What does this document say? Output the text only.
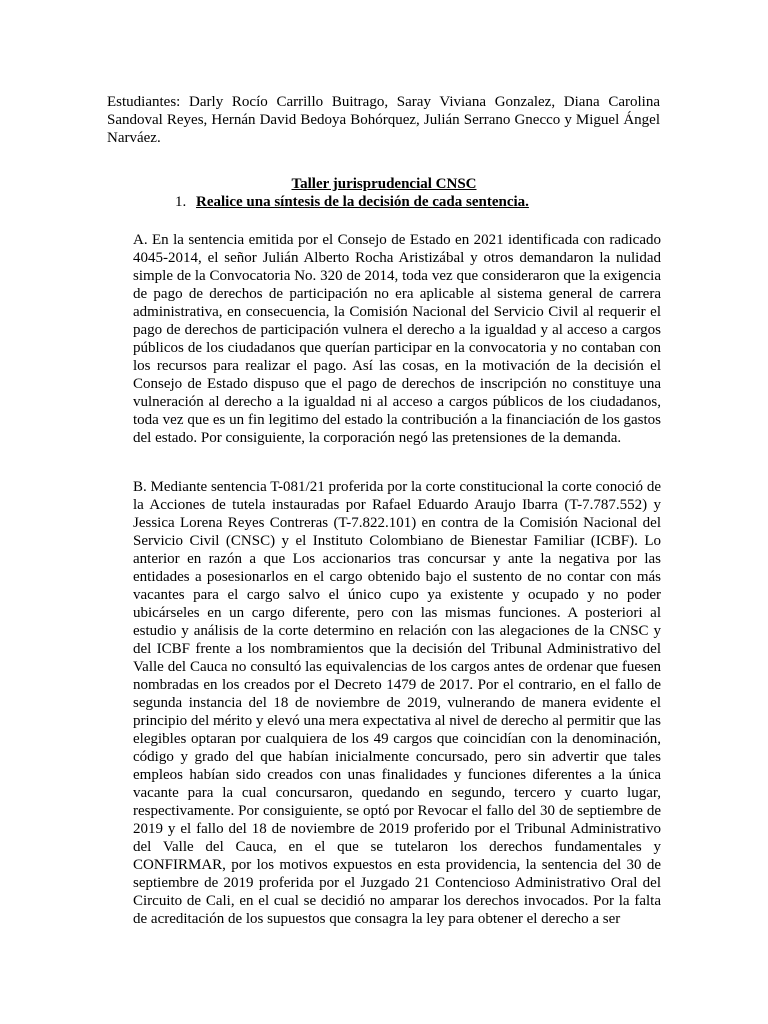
Estudiantes: Darly Rocío Carrillo Buitrago, Saray Viviana Gonzalez, Diana Carolina Sandoval Reyes, Hernán David Bedoya Bohórquez, Julián Serrano Gnecco y Miguel Ángel Narváez.

Taller jurisprudencial CNSC

1. Realice una síntesis de la decisión de cada sentencia.

A. En la sentencia emitida por el Consejo de Estado en 2021 identificada con radicado 4045-2014, el señor Julián Alberto Rocha Aristizábal y otros demandaron la nulidad simple de la Convocatoria No. 320 de 2014, toda vez que consideraron que la exigencia de pago de derechos de participación no era aplicable al sistema general de carrera administrativa, en consecuencia, la Comisión Nacional del Servicio Civil al requerir el pago de derechos de participación vulnera el derecho a la igualdad y al acceso a cargos públicos de los ciudadanos que querían participar en la convocatoria y no contaban con los recursos para realizar el pago. Así las cosas, en la motivación de la decisión el Consejo de Estado dispuso que el pago de derechos de inscripción no constituye una vulneración al derecho a la igualdad ni al acceso a cargos públicos de los ciudadanos, toda vez que es un fin legitimo del estado la contribución a la financiación de los gastos del estado. Por consiguiente, la corporación negó las pretensiones de la demanda.

B. Mediante sentencia T-081/21 proferida por la corte constitucional la corte conoció de la Acciones de tutela instauradas por Rafael Eduardo Araujo Ibarra (T-7.787.552) y Jessica Lorena Reyes Contreras (T-7.822.101) en contra de la Comisión Nacional del Servicio Civil (CNSC) y el Instituto Colombiano de Bienestar Familiar (ICBF). Lo anterior en razón a que Los accionarios tras concursar y ante la negativa por las entidades a posesionarlos en el cargo obtenido bajo el sustento de no contar con más vacantes para el cargo salvo el único cupo ya existente y ocupado y no poder ubicárseles en un cargo diferente, pero con las mismas funciones. A posteriori al estudio y análisis de la corte determino en relación con las alegaciones de la CNSC y del ICBF frente a los nombramientos que la decisión del Tribunal Administrativo del Valle del Cauca no consultó las equivalencias de los cargos antes de ordenar que fuesen nombradas en los creados por el Decreto 1479 de 2017. Por el contrario, en el fallo de segunda instancia del 18 de noviembre de 2019, vulnerando de manera evidente el principio del mérito y elevó una mera expectativa al nivel de derecho al permitir que las elegibles optaran por cualquiera de los 49 cargos que coincidían con la denominación, código y grado del que habían inicialmente concursado, pero sin advertir que tales empleos habían sido creados con unas finalidades y funciones diferentes a la única vacante para la cual concursaron, quedando en segundo, tercero y cuarto lugar, respectivamente. Por consiguiente, se optó por Revocar el fallo del 30 de septiembre de 2019 y el fallo del 18 de noviembre de 2019 proferido por el Tribunal Administrativo del Valle del Cauca, en el que se tutelaron los derechos fundamentales y CONFIRMAR, por los motivos expuestos en esta providencia, la sentencia del 30 de septiembre de 2019 proferida por el Juzgado 21 Contencioso Administrativo Oral del Circuito de Cali, en el cual se decidió no amparar los derechos invocados. Por la falta de acreditación de los supuestos que consagra la ley para obtener el derecho a ser
